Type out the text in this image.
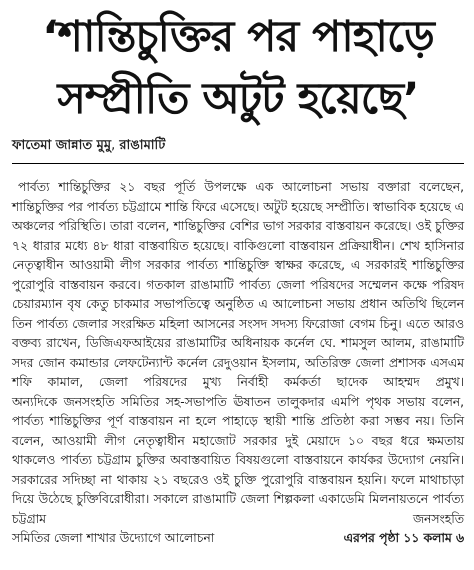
‘শান্তিচুক্তির পর পাহাড়ে
সম্প্রীতি অটুট হয়েছে’
ফাতেমা জান্নাত মুমু, রাঙামাটি

পার্বত্য শান্তিচুক্তির ২১ বছর পূর্তি উপলক্ষে এক আলোচনা সভায় বক্তারা বলেছেন, শান্তিচুক্তির পর পার্বত্য চট্টগ্রামে শান্তি ফিরে এসেছে। অটুট হয়েছে সম্প্রীতি। স্বাভাবিক হয়েছে এ অঞ্চলের পরিস্থিতি। তারা বলেন, শান্তিচুক্তির বেশির ভাগ সরকার বাস্তবায়ন করেছে। ওই চুক্তির ৭২ ধারার মধ্যে ৪৮ ধারা বাস্তবায়িত হয়েছে। বাকিগুলো বাস্তবায়ন প্রক্রিয়াধীন। শেখ হাসিনার নেতৃত্বাধীন আওয়ামী লীগ সরকার পার্বত্য শান্তিচুক্তি স্বাক্ষর করেছে, এ সরকারই শান্তিচুক্তির পুরোপুরি বাস্তবায়ন করবে। গতকাল রাঙামাটি পার্বত্য জেলা পরিষদের সম্মেলন কক্ষে পরিষদ চেয়ারম্যান বৃষ কেতু চাকমার সভাপতিত্বে অনুষ্ঠিত এ আলোচনা সভায় প্রধান অতিথি ছিলেন তিন পার্বত্য জেলার সংরক্ষিত মহিলা আসনের সংসদ সদস্য ফিরোজা বেগম চিনু। এতে আরও বক্তব্য রাখেন, ডিজিএফআইয়ের রাঙামাটির অধিনায়ক কর্নেল ঘে. শামসুল আলম, রাঙামাটি সদর জোন কমান্ডার লেফটেন্যান্ট কর্নেল রেদুওয়ান ইসলাম, অতিরিক্ত জেলা প্রশাসক এসএম শফি কামাল, জেলা পরিষদের মুখ্য নির্বাহী কর্মকর্তা ছাদেক আহম্মদ প্রমুখ।

অন্যদিকে জনসংহতি সমিতির সহ-সভাপতি ঊষাতন তালুকদার এমপি পৃথক সভায় বলেন, পার্বত্য শান্তিচুক্তির পূর্ণ বাস্তবায়ন না হলে পাহাড়ে স্থায়ী শান্তি প্রতিষ্ঠা করা সম্ভব নয়। তিনি বলেন, আওয়ামী লীগ নেতৃত্বাধীন মহাজোট সরকার দুই মেয়াদে ১০ বছর ধরে ক্ষমতায় থাকলেও পার্বত্য চট্টগ্রাম চুক্তির অবাস্তবায়িত বিষয়গুলো বাস্তবায়নে কার্যকর উদ্যোগ নেয়নি। সরকারের সদিচ্ছা না থাকায় ২১ বছরেও ওই চুক্তি পুরোপুরি বাস্তবায়ন হয়নি। ফলে মাথাচাড়া দিয়ে উঠেছে চুক্তিবিরোধীরা। সকালে রাঙামাটি জেলা শিল্পকলা একাডেমি মিলনায়তনে পার্বত্য চট্টগ্রাম জনসংহতি

সমিতির জেলা শাখার উদ্যোগে আলোচনা	এরপর পৃষ্ঠা ১১ কলাম ৬
